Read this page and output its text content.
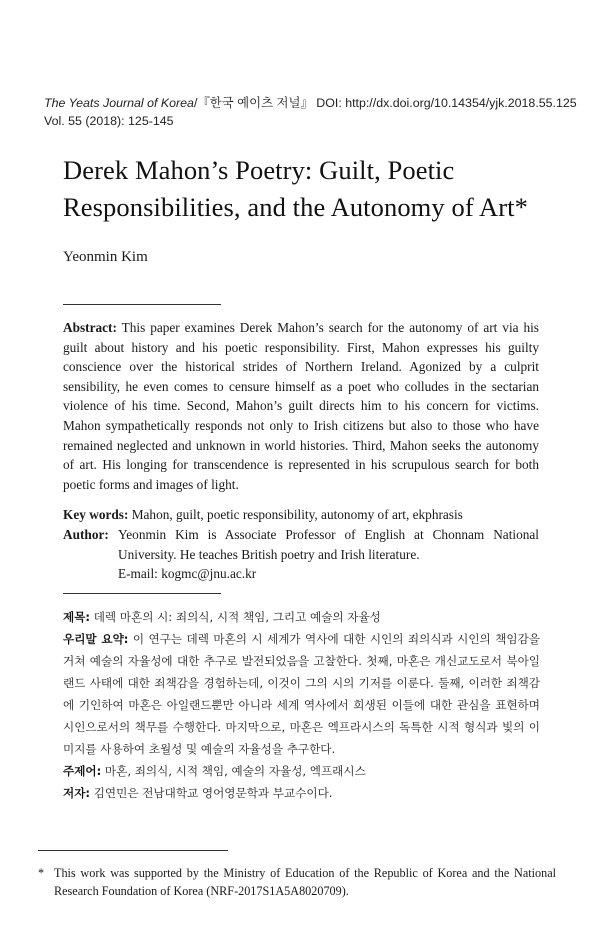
The Yeats Journal of Korea/『한국 예이츠 저널』 DOI: http://dx.doi.org/10.14354/yjk.2018.55.125
Vol. 55 (2018): 125-145
Derek Mahon’s Poetry: Guilt, Poetic Responsibilities, and the Autonomy of Art*
Yeonmin Kim

Abstract: This paper examines Derek Mahon’s search for the autonomy of art via his guilt about history and his poetic responsibility. First, Mahon expresses his guilty conscience over the historical strides of Northern Ireland. Agonized by a culprit sensibility, he even comes to censure himself as a poet who colludes in the sectarian violence of his time. Second, Mahon’s guilt directs him to his concern for victims. Mahon sympathetically responds not only to Irish citizens but also to those who have remained neglected and unknown in world histories. Third, Mahon seeks the autonomy of art. His longing for transcendence is represented in his scrupulous search for both poetic forms and images of light.

Key words: Mahon, guilt, poetic responsibility, autonomy of art, ekphrasis
Author: Yeonmin Kim is Associate Professor of English at Chonnam National University. He teaches British poetry and Irish literature.
E-mail: kogmc@jnu.ac.kr

제목: 데렉 마혼의 시: 죄의식, 시적 책임, 그리고 예술의 자율성

우리말 요약: 이 연구는 데렉 마혼의 시 세계가 역사에 대한 시인의 죄의식과 시인의 책임감을 거쳐 예술의 자율성에 대한 추구로 발전되었음을 고찰한다. 첫째, 마혼은 개신교도로서 북아일랜드 사태에 대한 죄책감을 경험하는데, 이것이 그의 시의 기저를 이룬다. 둘째, 이러한 죄책감에 기인하여 마혼은 아일랜드뿐만 아니라 세계 역사에서 희생된 이들에 대한 관심을 표현하며 시인으로서의 책무를 수행한다. 마지막으로, 마혼은 엑프라시스의 독특한 시적 형식과 빛의 이미지를 사용하여 초월성 및 예술의 자율성을 추구한다.

주제어: 마혼, 죄의식, 시적 책임, 예술의 자율성, 엑프래시스

저자: 김연민은 전남대학교 영어영문학과 부교수이다.

* This work was supported by the Ministry of Education of the Republic of Korea and the National Research Foundation of Korea (NRF-2017S1A5A8020709).
